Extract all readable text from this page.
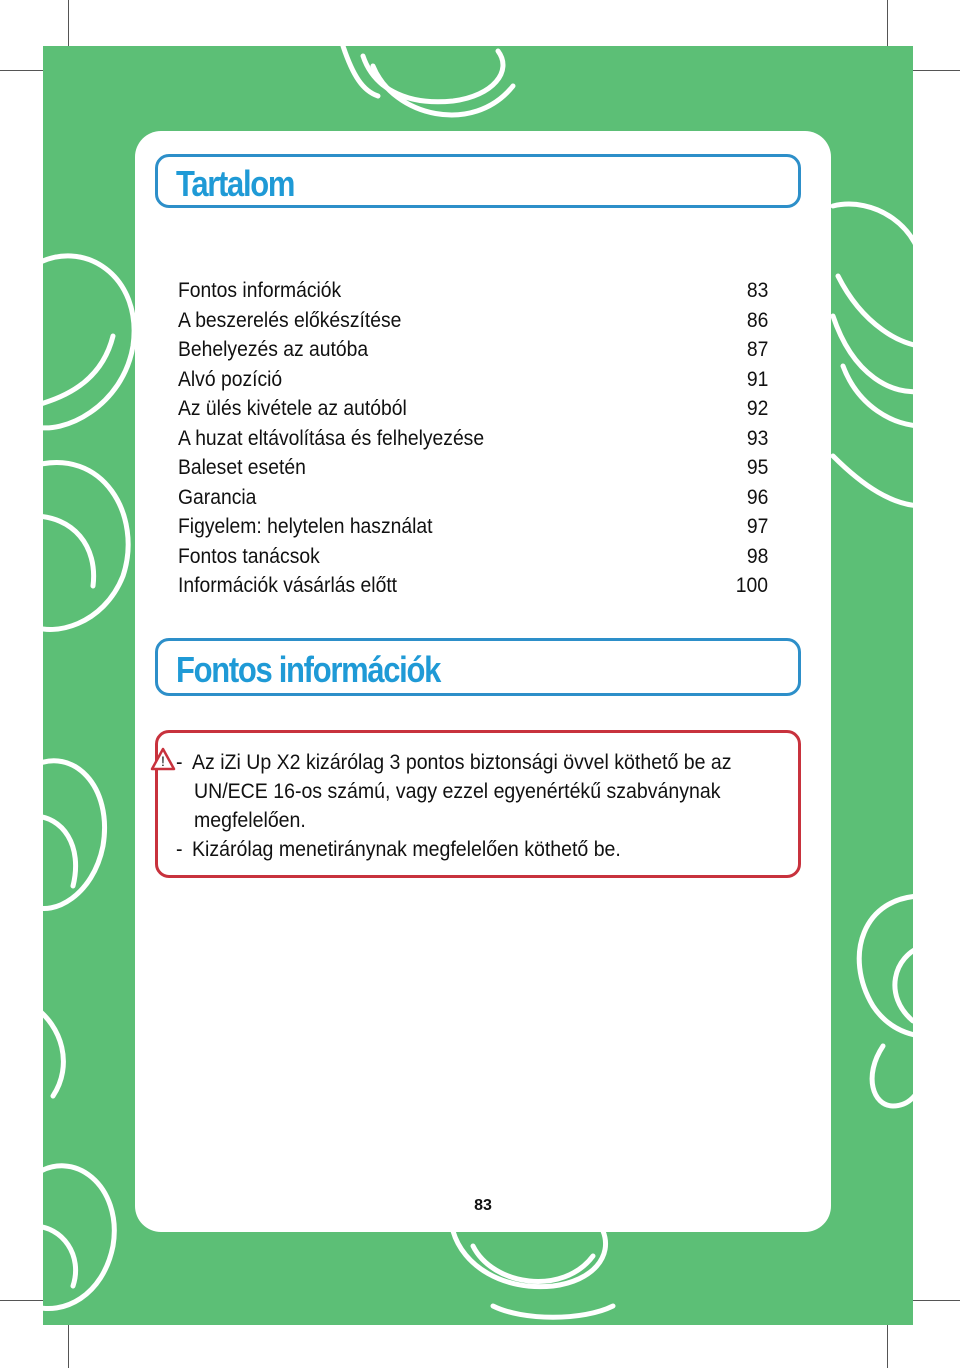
Tartalom
Fontos információk	83
A beszerelés előkészítése	86
Behelyezés az autóba	87
Alvó pozíció	91
Az ülés kivétele az autóból	92
A huzat eltávolítása és felhelyezése	93
Baleset esetén	95
Garancia	96
Figyelem: helytelen használat	97
Fontos tanácsok	98
Információk vásárlás előtt	100
Fontos információk
! - Az iZi Up X2 kizárólag 3 pontos biztonsági övvel köthető be az
UN/ECE 16-os számú, vagy ezzel egyenértékű szabványnak
megfelelően.
- Kizárólag menetiránynak megfelelően köthető be.
83
